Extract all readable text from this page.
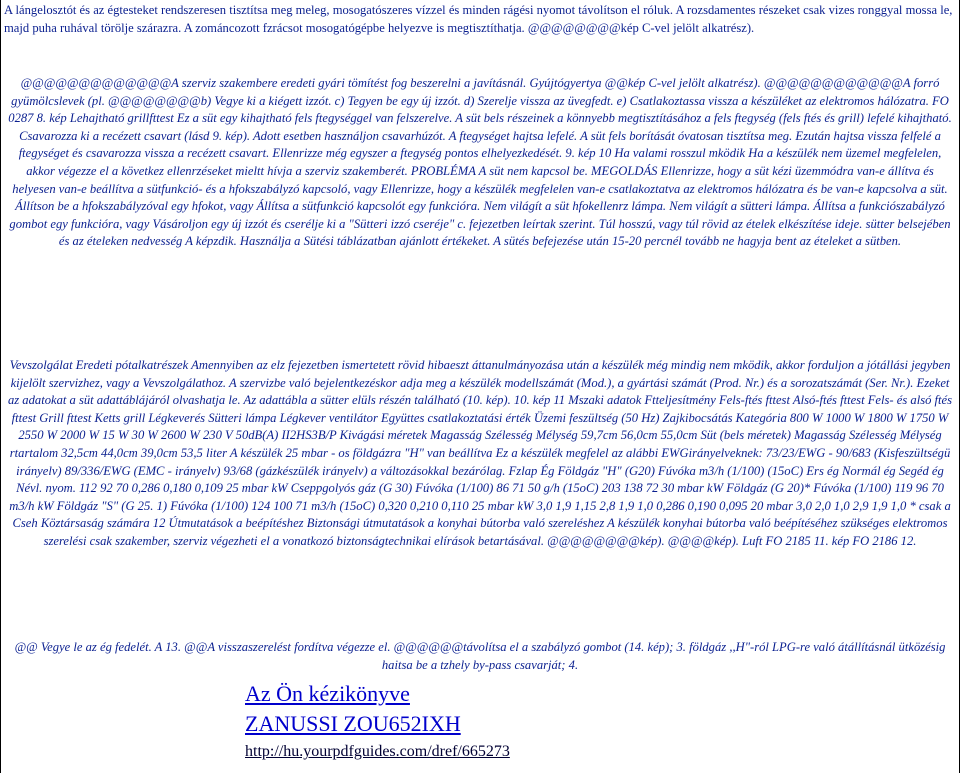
A lángelosztót és az égtesteket rendszeresen tisztítsa meg meleg, mosogatószeres vízzel és minden rágési nyomot távolítson el róluk. A rozsdamentes részeket csak vizes ronggyal mossa le, majd puha ruhával törölje szárazra. A zománcozott fzrácsot mosogatógépbe helyezve is megtisztíthatja. @@@@@@@@kép C-vel jelölt alkatrész).

@@@@@@@@@@@@@A szerviz szakembere eredeti gyári tömítést fog beszerelni a javításnál. Gyújtógyertya @@kép C-vel jelölt alkatrész). @@@@@@@@@@@@A forró gyümölcslevek (pl. @@@@@@@@b) Vegye ki a kiégett izzót. c) Tegyen be egy új izzót. d) Szerelje vissza az üvegfedt. e) Csatlakoztassa vissza a készüléket az elektromos hálózatra. FO 0287 8. kép Lehajtható grillfttest Ez a süt egy kihajtható fels ftegységgel van felszerelve. A süt bels részeinek a könnyebb megtisztításához a fels ftegység (fels ftés és grill) lefelé kihajtható. Csavarozza ki a recézett csavart (lásd 9. kép). Adott esetben használjon csavarhúzót. A ftegységet hajtsa lefelé. A süt fels borítását óvatosan tisztítsa meg. Ezután hajtsa vissza felfelé a ftegységet és csavarozza vissza a recézett csavart. Ellenrizze még egyszer a ftegység pontos elhelyezkedését. 9. kép 10 Ha valami rosszul mködik Ha a készülék nem üzemel megfelelen, akkor végezze el a következ ellenrzéseket mieltt hívja a szerviz szakemberét. PROBLÉMA A süt nem kapcsol be. MEGOLDÁS Ellenrizze, hogy a süt kézi üzemmódra van-e állítva és helyesen van-e beállítva a sütfunkció- és a hfokszabályzó kapcsoló, vagy Ellenrizze, hogy a készülék megfelelen van-e csatlakoztatva az elektromos hálózatra és be van-e kapcsolva a süt. Állítson be a hfokszabályzóval egy hfokot, vagy Állítsa a sütfunkció kapcsolót egy funkcióra. Nem világít a süt hfokellenrz lámpa. Nem világít a sütteri lámpa. Állítsa a funkciószabályzó gombot egy funkcióra, vagy Vásároljon egy új izzót és cserélje ki a "Sütteri izzó cseréje" c. fejezetben leírtak szerint. Túl hosszú, vagy túl rövid az ételek elkészítése ideje. sütter belsejében és az ételeken nedvesség A képzdik. Használja a Sütési táblázatban ajánlott értékeket. A sütés befejezése után 15-20 percnél tovább ne hagyja bent az ételeket a sütben.

Vevszolgálat Eredeti pótalkatrészek Amennyiben az elz fejezetben ismertetett rövid hibaeszt áttanulmányozása után a készülék még mindig nem mködik, akkor forduljon a jótállási jegyben kijelölt szervizhez, vagy a Vevszolgálathoz. A szervizbe való bejelentkezéskor adja meg a készülék modellszámát (Mod.), a gyártási számát (Prod. Nr.) és a sorozatszámát (Ser. Nr.). Ezeket az adatokat a süt adattáblájáról olvashatja le. Az adattábla a sütter elüls részén található (10. kép). 10. kép 11 Mszaki adatok Ftteljesítmény Fels-ftés fttest Alsó-ftés fttest Fels- és alsó ftés fttest Grill fttest Ketts grill Légkeverés Sütteri lámpa Légkever ventilátor Együttes csatlakoztatási érték Üzemi feszültség (50 Hz) Zajkibocsátás Kategória 800 W 1000 W 1800 W 1750 W 2550 W 2000 W 15 W 30 W 2600 W 230 V 50dB(A) II2HS3B/P Kivágási méretek Magasság Szélesség Mélység 59,7cm 56,0cm 55,0cm Süt (bels méretek) Magasság Szélesség Mélység rtartalom 32,5cm 44,0cm 39,0cm 53,5 liter A készülék 25 mbar - os földgázra "H" van beállítva Ez a készülék megfelel az alábbi EWGirányelveknek: 73/23/EWG - 90/683 (Kisfeszültségü irányelv) 89/336/EWG (EMC - irányelv) 93/68 (gázkészülék irányelv) a változásokkal bezárólag. Fzlap Ég Földgáz "H" (G20) Fúvóka m3/h (1/100) (15oC) Ers ég Normál ég Segéd ég Névl. nyom. 112 92 70 0,286 0,180 0,109 25 mbar kW Cseppgolyós gáz (G 30) Fúvóka (1/100) 86 71 50 g/h (15oC) 203 138 72 30 mbar kW Földgáz (G 20)* Fúvóka (1/100) 119 96 70 m3/h kW Földgáz "S" (G 25. 1) Fúvóka (1/100) 124 100 71 m3/h (15oC) 0,320 0,210 0,110 25 mbar kW 3,0 1,9 1,15 2,8 1,9 1,0 0,286 0,190 0,095 20 mbar 3,0 2,0 1,0 2,9 1,9 1,0 * csak a Cseh Köztársaság számára 12 Útmutatások a beépítéshez Biztonsági útmutatások a konyhai bútorba való szereléshez A készülék konyhai bútorba való beépítéséhez szükséges elektromos szerelési csak szakember, szerviz végezheti el a vonatkozó biztonságtechnikai elírások betartásával. @@@@@@@@kép). @@@@kép). Luft FO 2185 11. kép FO 2186 12.

@@ Vegye le az ég fedelét. A 13. @@A visszaszerelést fordítva végezze el. @@@@@@távolítsa el a szabályzó gombot (14. kép); 3. földgáz ,,H"-ról LPG-re való átállításnál ütközésig haitsa be a tzhely by-pass csavarját; 4.

Az Ön kézikönyve
ZANUSSI ZOU652IXH
http://hu.yourpdfguides.com/dref/665273
